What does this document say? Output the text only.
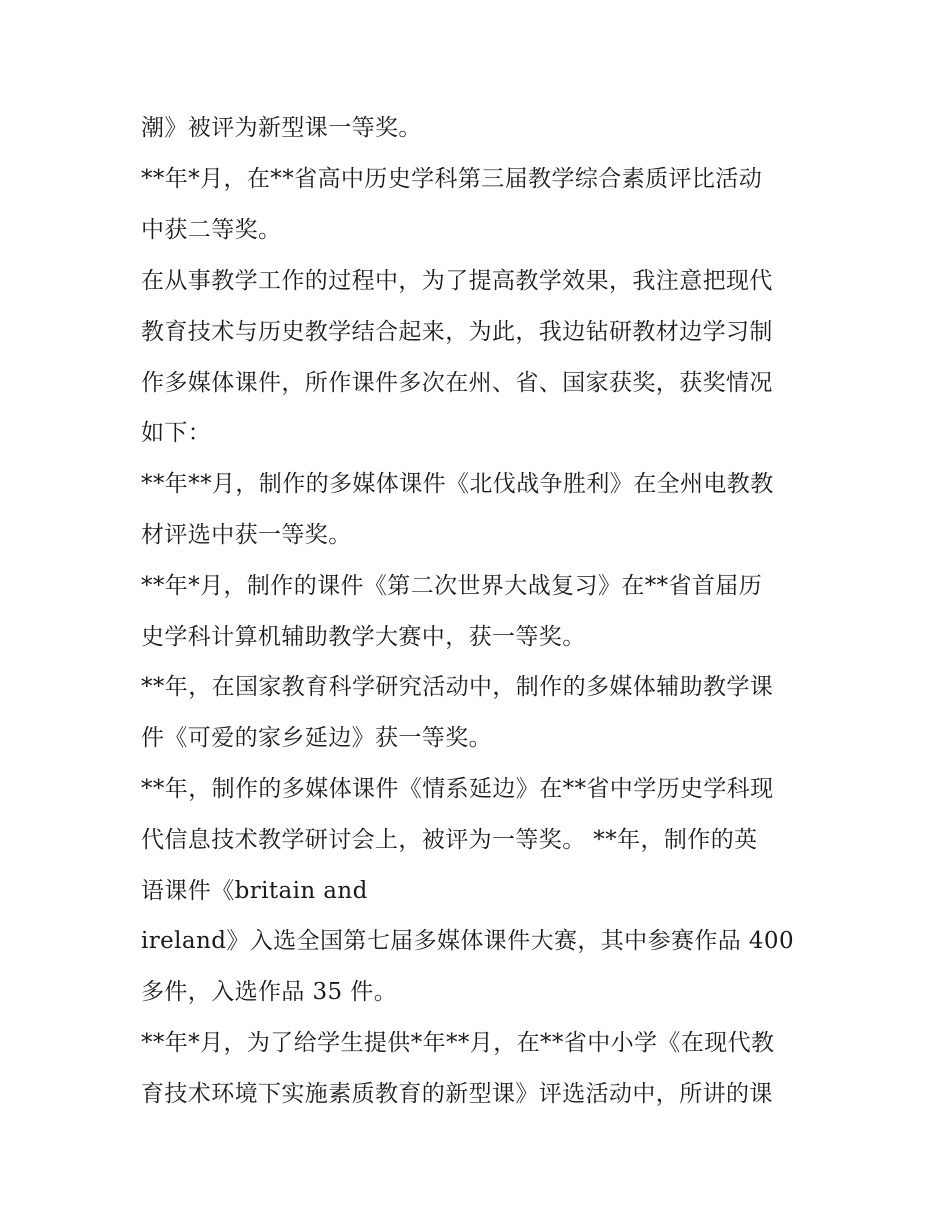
潮》被评为新型课一等奖。
**年*月，在**省高中历史学科第三届教学综合素质评比活动
中获二等奖。
在从事教学工作的过程中，为了提高教学效果，我注意把现代
教育技术与历史教学结合起来，为此，我边钻研教材边学习制
作多媒体课件，所作课件多次在州、省、国家获奖，获奖情况
如下：
**年**月，制作的多媒体课件《北伐战争胜利》在全州电教教
材评选中获一等奖。
**年*月，制作的课件《第二次世界大战复习》在**省首届历
史学科计算机辅助教学大赛中，获一等奖。
**年，在国家教育科学研究活动中，制作的多媒体辅助教学课
件《可爱的家乡延边》获一等奖。
**年，制作的多媒体课件《情系延边》在**省中学历史学科现
代信息技术教学研讨会上，被评为一等奖。 **年，制作的英
语课件《britain and
ireland》入选全国第七届多媒体课件大赛，其中参赛作品 400
多件，入选作品 35 件。
**年*月，为了给学生提供*年**月，在**省中小学《在现代教
育技术环境下实施素质教育的新型课》评选活动中，所讲的课
